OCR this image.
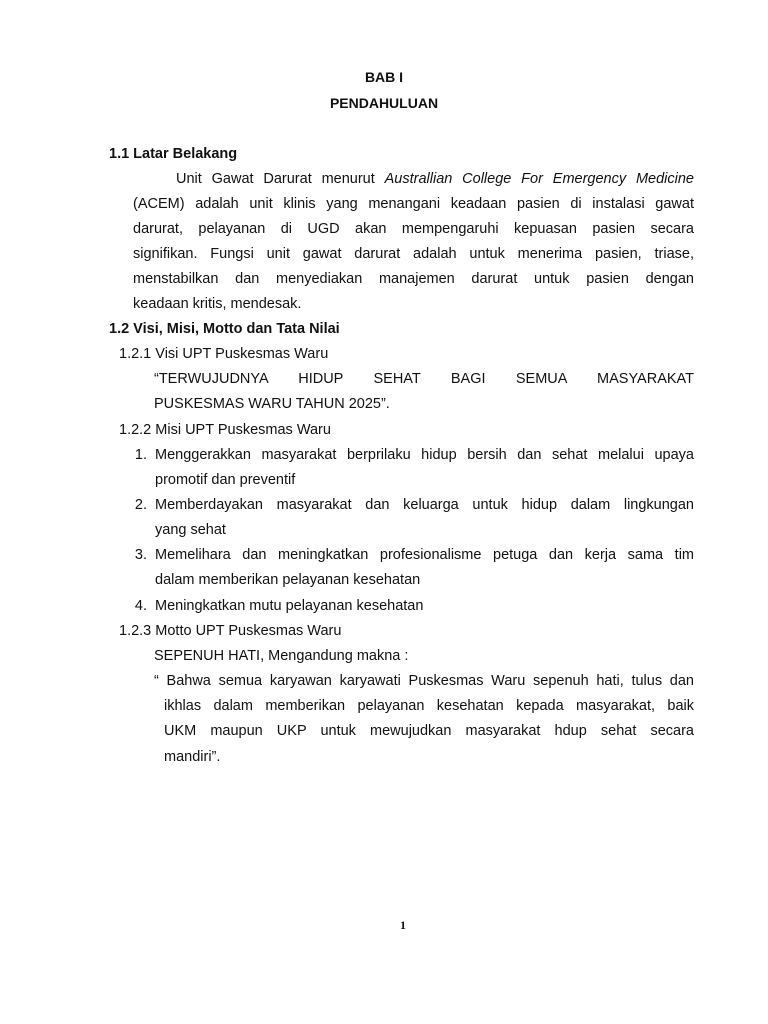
BAB I
PENDAHULUAN
1.1 Latar Belakang
Unit Gawat Darurat menurut Australlian College For Emergency Medicine
(ACEM) adalah unit klinis yang menangani keadaan pasien di instalasi gawat
darurat, pelayanan di UGD akan mempengaruhi kepuasan pasien secara
signifikan. Fungsi unit gawat darurat adalah untuk menerima pasien, triase,
menstabilkan dan menyediakan manajemen darurat untuk pasien dengan
keadaan kritis, mendesak.
1.2 Visi, Misi, Motto dan Tata Nilai
1.2.1 Visi UPT Puskesmas Waru
“TERWUJUDNYA HIDUP SEHAT BAGI SEMUA MASYARAKAT
PUSKESMAS WARU TAHUN 2025”.
1.2.2 Misi UPT Puskesmas Waru
1. Menggerakkan masyarakat berprilaku hidup bersih dan sehat melalui upaya
promotif dan preventif
2. Memberdayakan masyarakat dan keluarga untuk hidup dalam lingkungan
yang sehat
3. Memelihara dan meningkatkan profesionalisme petuga dan kerja sama tim
dalam memberikan pelayanan kesehatan
4. Meningkatkan mutu pelayanan kesehatan
1.2.3 Motto UPT Puskesmas Waru
SEPENUH HATI, Mengandung makna :
“ Bahwa semua karyawan karyawati Puskesmas Waru sepenuh hati, tulus dan
ikhlas dalam memberikan pelayanan kesehatan kepada masyarakat, baik
UKM maupun UKP untuk mewujudkan masyarakat hdup sehat secara
mandiri”.
1
